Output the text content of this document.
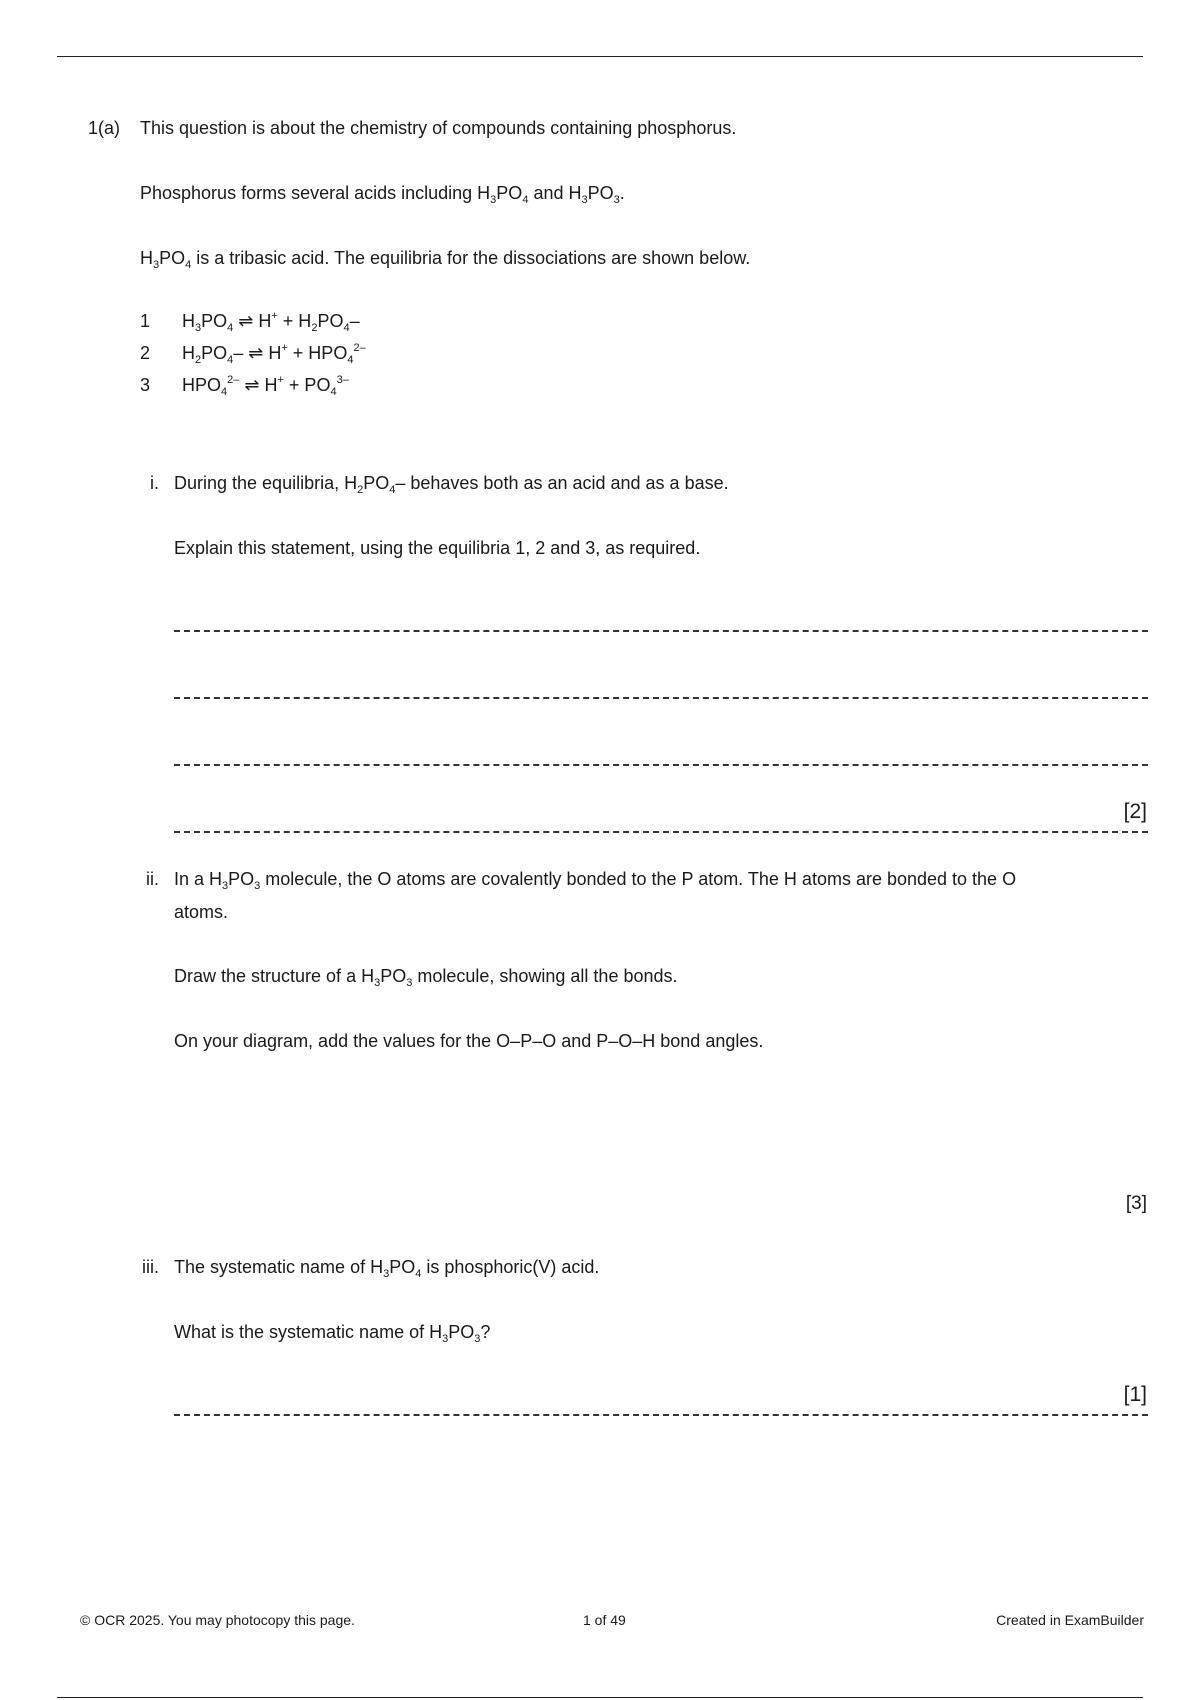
1(a) This question is about the chemistry of compounds containing phosphorus.
Phosphorus forms several acids including $H_3PO_4$ and $H_3PO_3$.
$H_3PO_4$ is a tribasic acid. The equilibria for the dissociations are shown below.
1 $H_3PO_4$ ⇌ $H^+ + H_2PO_4-$
2 $H_2PO_4-$ ⇌ $H^+ + HPO_4^{2-}$
3 $HPO_4^{2-}$ ⇌ $H^+ + PO_4^{3-}$
i. During the equilibria, $H_2PO_4-$ behaves both as an acid and as a base.
Explain this statement, using the equilibria 1, 2 and 3, as required.
[2]
ii. In a $H_3PO_3$ molecule, the O atoms are covalently bonded to the P atom. The H atoms are bonded to the O
atoms.
Draw the structure of a $H_3PO_3$ molecule, showing all the bonds.
On your diagram, add the values for the O–P–O and P–O–H bond angles.
[3]
iii. The systematic name of $H_3PO_4$ is phosphoric(V) acid.
What is the systematic name of $H_3PO_3$?
[1]
© OCR 2025. You may photocopy this page.	1 of 49	Created in ExamBuilder
